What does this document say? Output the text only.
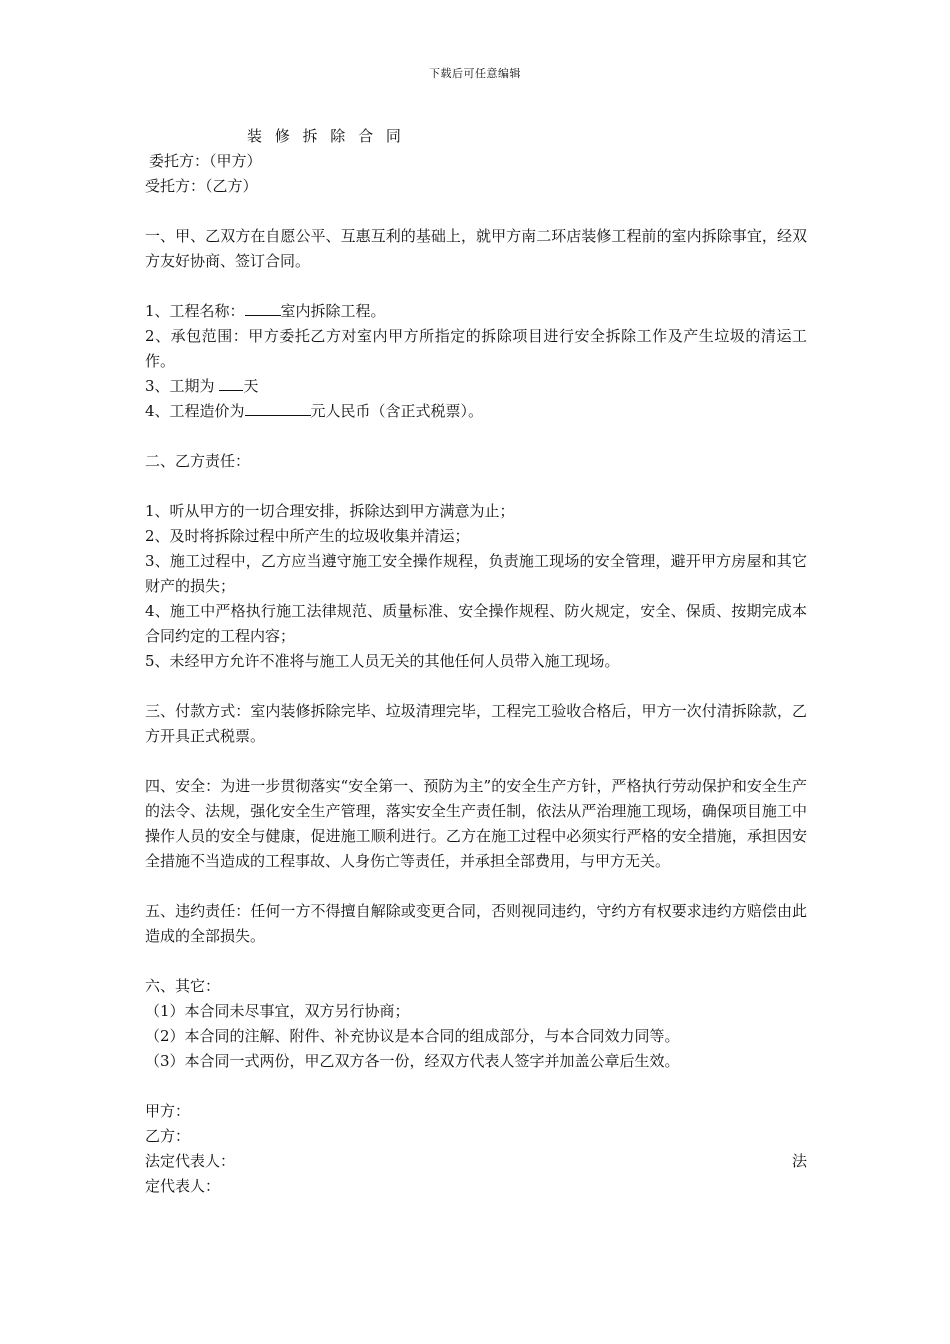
下载后可任意编辑
装 修 拆 除 合 同
委托方：（甲方）
受托方：（乙方）
一、甲、乙双方在自愿公平、互惠互利的基础上，就甲方南二环店装修工程前的室内拆除事宜，经双方友好协商、签订合同。
1、工程名称： 室内拆除工程。
2、承包范围：甲方委托乙方对室内甲方所指定的拆除项目进行安全拆除工作及产生垃圾的清运工作。
3、工期为 天
4、工程造价为	元人民币（含正式税票）。
二、乙方责任：
1、听从甲方的一切合理安排，拆除达到甲方满意为止；
2、及时将拆除过程中所产生的垃圾收集并清运；
3、施工过程中，乙方应当遵守施工安全操作规程，负责施工现场的安全管理，避开甲方房屋和其它财产的损失；
4、施工中严格执行施工法律规范、质量标准、安全操作规程、防火规定，安全、保质、按期完成本合同约定的工程内容；
5、未经甲方允许不准将与施工人员无关的其他任何人员带入施工现场。
三、付款方式：室内装修拆除完毕、垃圾清理完毕，工程完工验收合格后，甲方一次付清拆除款，乙方开具正式税票。
四、安全：为进一步贯彻落实“安全第一、预防为主”的安全生产方针，严格执行劳动保护和安全生产的法令、法规，强化安全生产管理，落实安全生产责任制，依法从严治理施工现场，确保项目施工中操作人员的安全与健康，促进施工顺利进行。乙方在施工过程中必须实行严格的安全措施，承担因安全措施不当造成的工程事故、人身伤亡等责任，并承担全部费用，与甲方无关。
五、违约责任：任何一方不得擅自解除或变更合同，否则视同违约，守约方有权要求违约方赔偿由此造成的全部损失。
六、其它：
（1）本合同未尽事宜，双方另行协商；
（2）本合同的注解、附件、补充协议是本合同的组成部分，与本合同效力同等。
（3）本合同一式两份，甲乙双方各一份，经双方代表人签字并加盖公章后生效。
甲方：
乙方：
法定代表人：	法
定代表人：
